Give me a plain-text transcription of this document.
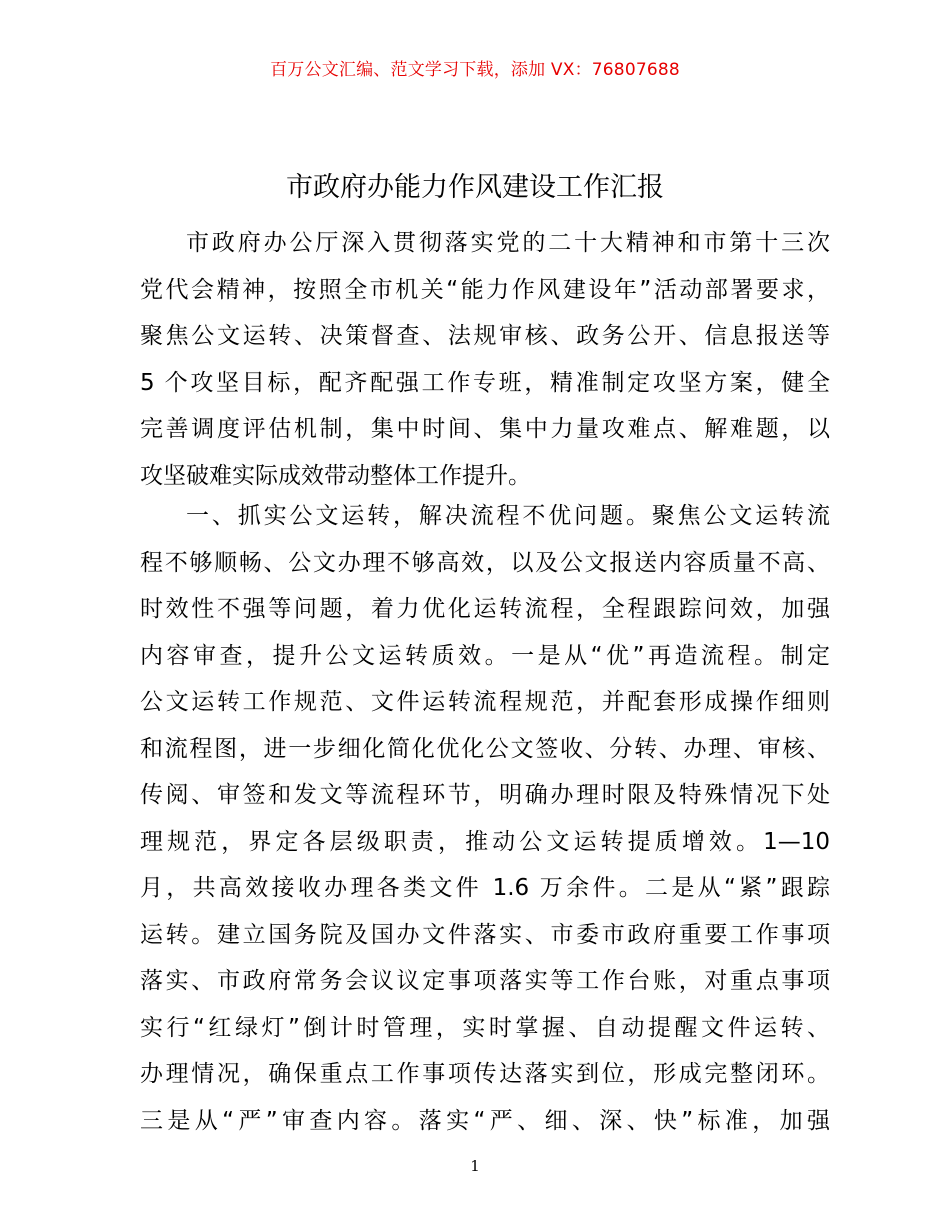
百万公文汇编、范文学习下载，添加 VX：76807688
市政府办能力作风建设工作汇报
市政府办公厅深入贯彻落实党的二十大精神和市第十三次
党代会精神，按照全市机关“能力作风建设年”活动部署要求，
聚焦公文运转、决策督查、法规审核、政务公开、信息报送等
5 个攻坚目标，配齐配强工作专班，精准制定攻坚方案，健全
完善调度评估机制，集中时间、集中力量攻难点、解难题，以
攻坚破难实际成效带动整体工作提升。
一、抓实公文运转，解决流程不优问题。聚焦公文运转流
程不够顺畅、公文办理不够高效，以及公文报送内容质量不高、
时效性不强等问题，着力优化运转流程，全程跟踪问效，加强
内容审查，提升公文运转质效。一是从“优”再造流程。制定
公文运转工作规范、文件运转流程规范，并配套形成操作细则
和流程图，进一步细化简化优化公文签收、分转、办理、审核、
传阅、审签和发文等流程环节，明确办理时限及特殊情况下处
理规范，界定各层级职责，推动公文运转提质增效。1—10
月，共高效接收办理各类文件 1.6 万余件。二是从“紧”跟踪
运转。建立国务院及国办文件落实、市委市政府重要工作事项
落实、市政府常务会议议定事项落实等工作台账，对重点事项
实行“红绿灯”倒计时管理，实时掌握、自动提醒文件运转、
办理情况，确保重点工作事项传达落实到位，形成完整闭环。
三是从“严”审查内容。落实“严、细、深、快”标准，加强
1
